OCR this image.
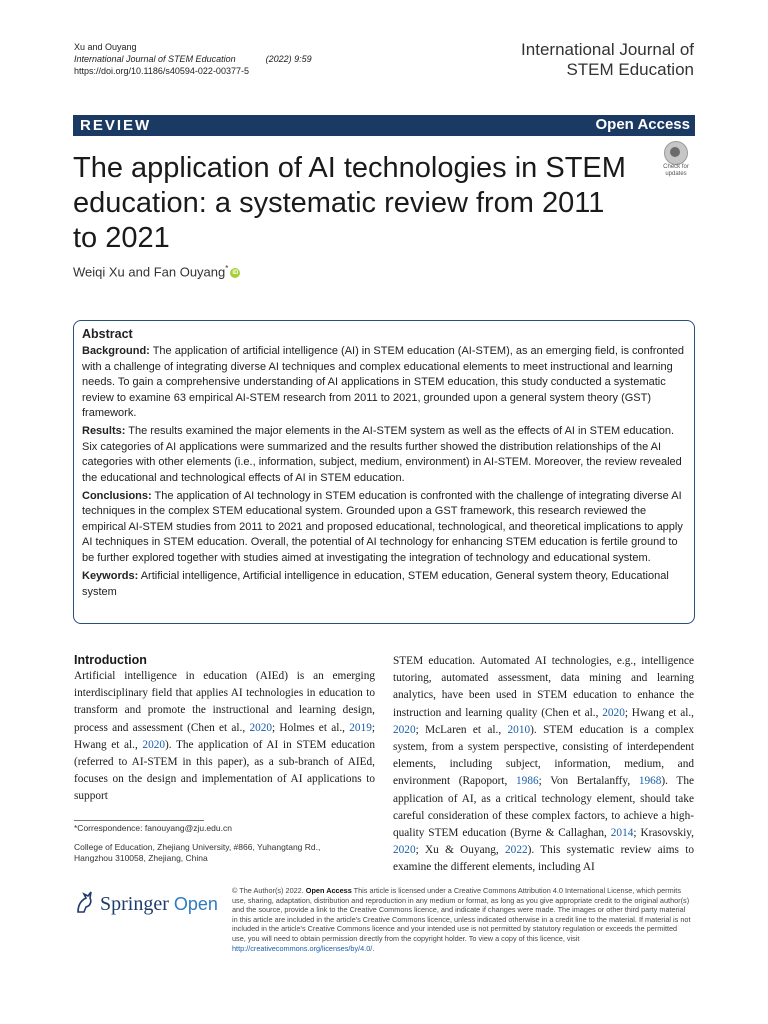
Xu and Ouyang
International Journal of STEM Education	(2022) 9:59
https://doi.org/10.1186/s40594-022-00377-5
International Journal of
STEM Education
REVIEW	Open Access
The application of AI technologies in STEM
education: a systematic review from 2011
to 2021
Check for
updates
Weiqi Xu and Fan Ouyang* iD
Abstract

Background: The application of artificial intelligence (AI) in STEM education (AI-STEM), as an emerging field, is confronted with a challenge of integrating diverse AI techniques and complex educational elements to meet instructional and learning needs. To gain a comprehensive understanding of AI applications in STEM education, this study conducted a systematic review to examine 63 empirical AI-STEM research from 2011 to 2021, grounded upon a general system theory (GST) framework.

Results: The results examined the major elements in the AI-STEM system as well as the effects of AI in STEM education. Six categories of AI applications were summarized and the results further showed the distribution relationships of the AI categories with other elements (i.e., information, subject, medium, environment) in AI-STEM. Moreover, the review revealed the educational and technological effects of AI in STEM education.

Conclusions: The application of AI technology in STEM education is confronted with the challenge of integrating diverse AI techniques in the complex STEM educational system. Grounded upon a GST framework, this research reviewed the empirical AI-STEM studies from 2011 to 2021 and proposed educational, technological, and theoretical implications to apply AI techniques in STEM education. Overall, the potential of AI technology for enhancing STEM education is fertile ground to be further explored together with studies aimed at investigating the integration of technology and educational system.

Keywords: Artificial intelligence, Artificial intelligence in education, STEM education, General system theory, Educational system

Introduction
Artificial intelligence in education (AIEd) is an emerging interdisciplinary field that applies AI technologies in education to transform and promote the instructional and learning design, process and assessment (Chen et al., 2020; Holmes et al., 2019; Hwang et al., 2020). The application of AI in STEM education (referred to AI-STEM in this paper), as a sub-branch of AIEd, focuses on the design and implementation of AI applications to support
STEM education. Automated AI technologies, e.g., intelligence tutoring, automated assessment, data mining and learning analytics, have been used in STEM education to enhance the instruction and learning quality (Chen et al., 2020; Hwang et al., 2020; McLaren et al., 2010). STEM education is a complex system, from a system perspective, consisting of interdependent elements, including subject, information, medium, and environment (Rapoport, 1986; Von Bertalanffy, 1968). The application of AI, as a critical technology element, should take careful consideration of these complex factors, to achieve a high-quality STEM education (Byrne & Callaghan, 2014; Krasovskiy, 2020; Xu & Ouyang, 2022). This systematic review aims to examine the different elements, including AI
*Correspondence: fanouyang@zju.edu.cn
College of Education, Zhejiang University, #866, Yuhangtang Rd., Hangzhou 310058, Zhejiang, China
Springer Open
© The Author(s) 2022. Open Access This article is licensed under a Creative Commons Attribution 4.0 International License, which permits use, sharing, adaptation, distribution and reproduction in any medium or format, as long as you give appropriate credit to the original author(s) and the source, provide a link to the Creative Commons licence, and indicate if changes were made. The images or other third party material in this article are included in the article's Creative Commons licence, unless indicated otherwise in a credit line to the material. If material is not included in the article's Creative Commons licence and your intended use is not permitted by statutory regulation or exceeds the permitted use, you will need to obtain permission directly from the copyright holder. To view a copy of this licence, visit http://creativecommons.org/licenses/by/4.0/.
